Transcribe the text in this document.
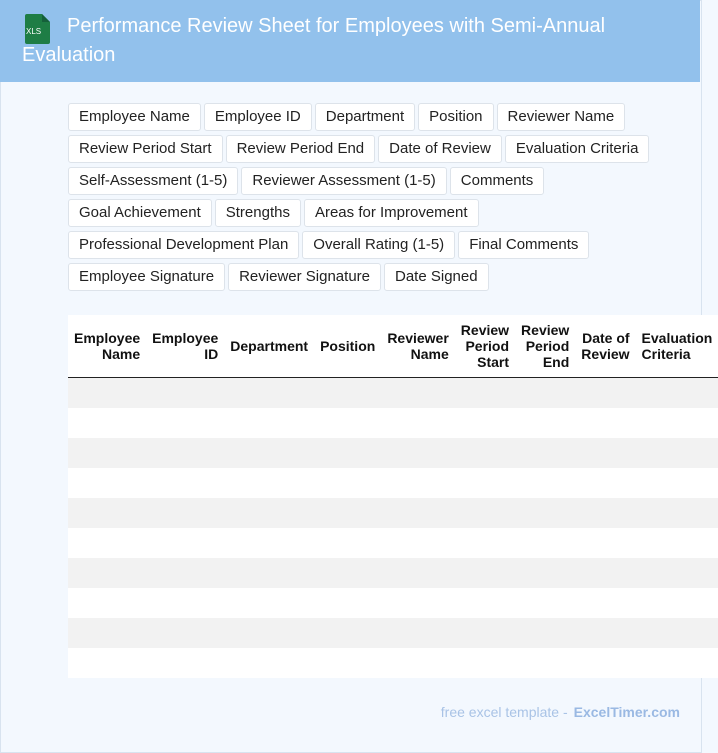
XLS	Performance Review Sheet for Employees with Semi-Annual Evaluation
Employee Name	Employee ID	Department	Position	Reviewer Name
Review Period Start	Review Period End	Date of Review	Evaluation Criteria
Self-Assessment (1-5)	Reviewer Assessment (1-5)	Comments
Goal Achievement	Strengths	Areas for Improvement
Professional Development Plan	Overall Rating (1-5)	Final Comments
Employee Signature	Reviewer Signature	Date Signed
Employee Name	Employee ID	Department	Position	Reviewer Name	Review Period Start	Review Period End	Date of Review	Evaluation Criteria

free excel template - ExcelTimer.com
